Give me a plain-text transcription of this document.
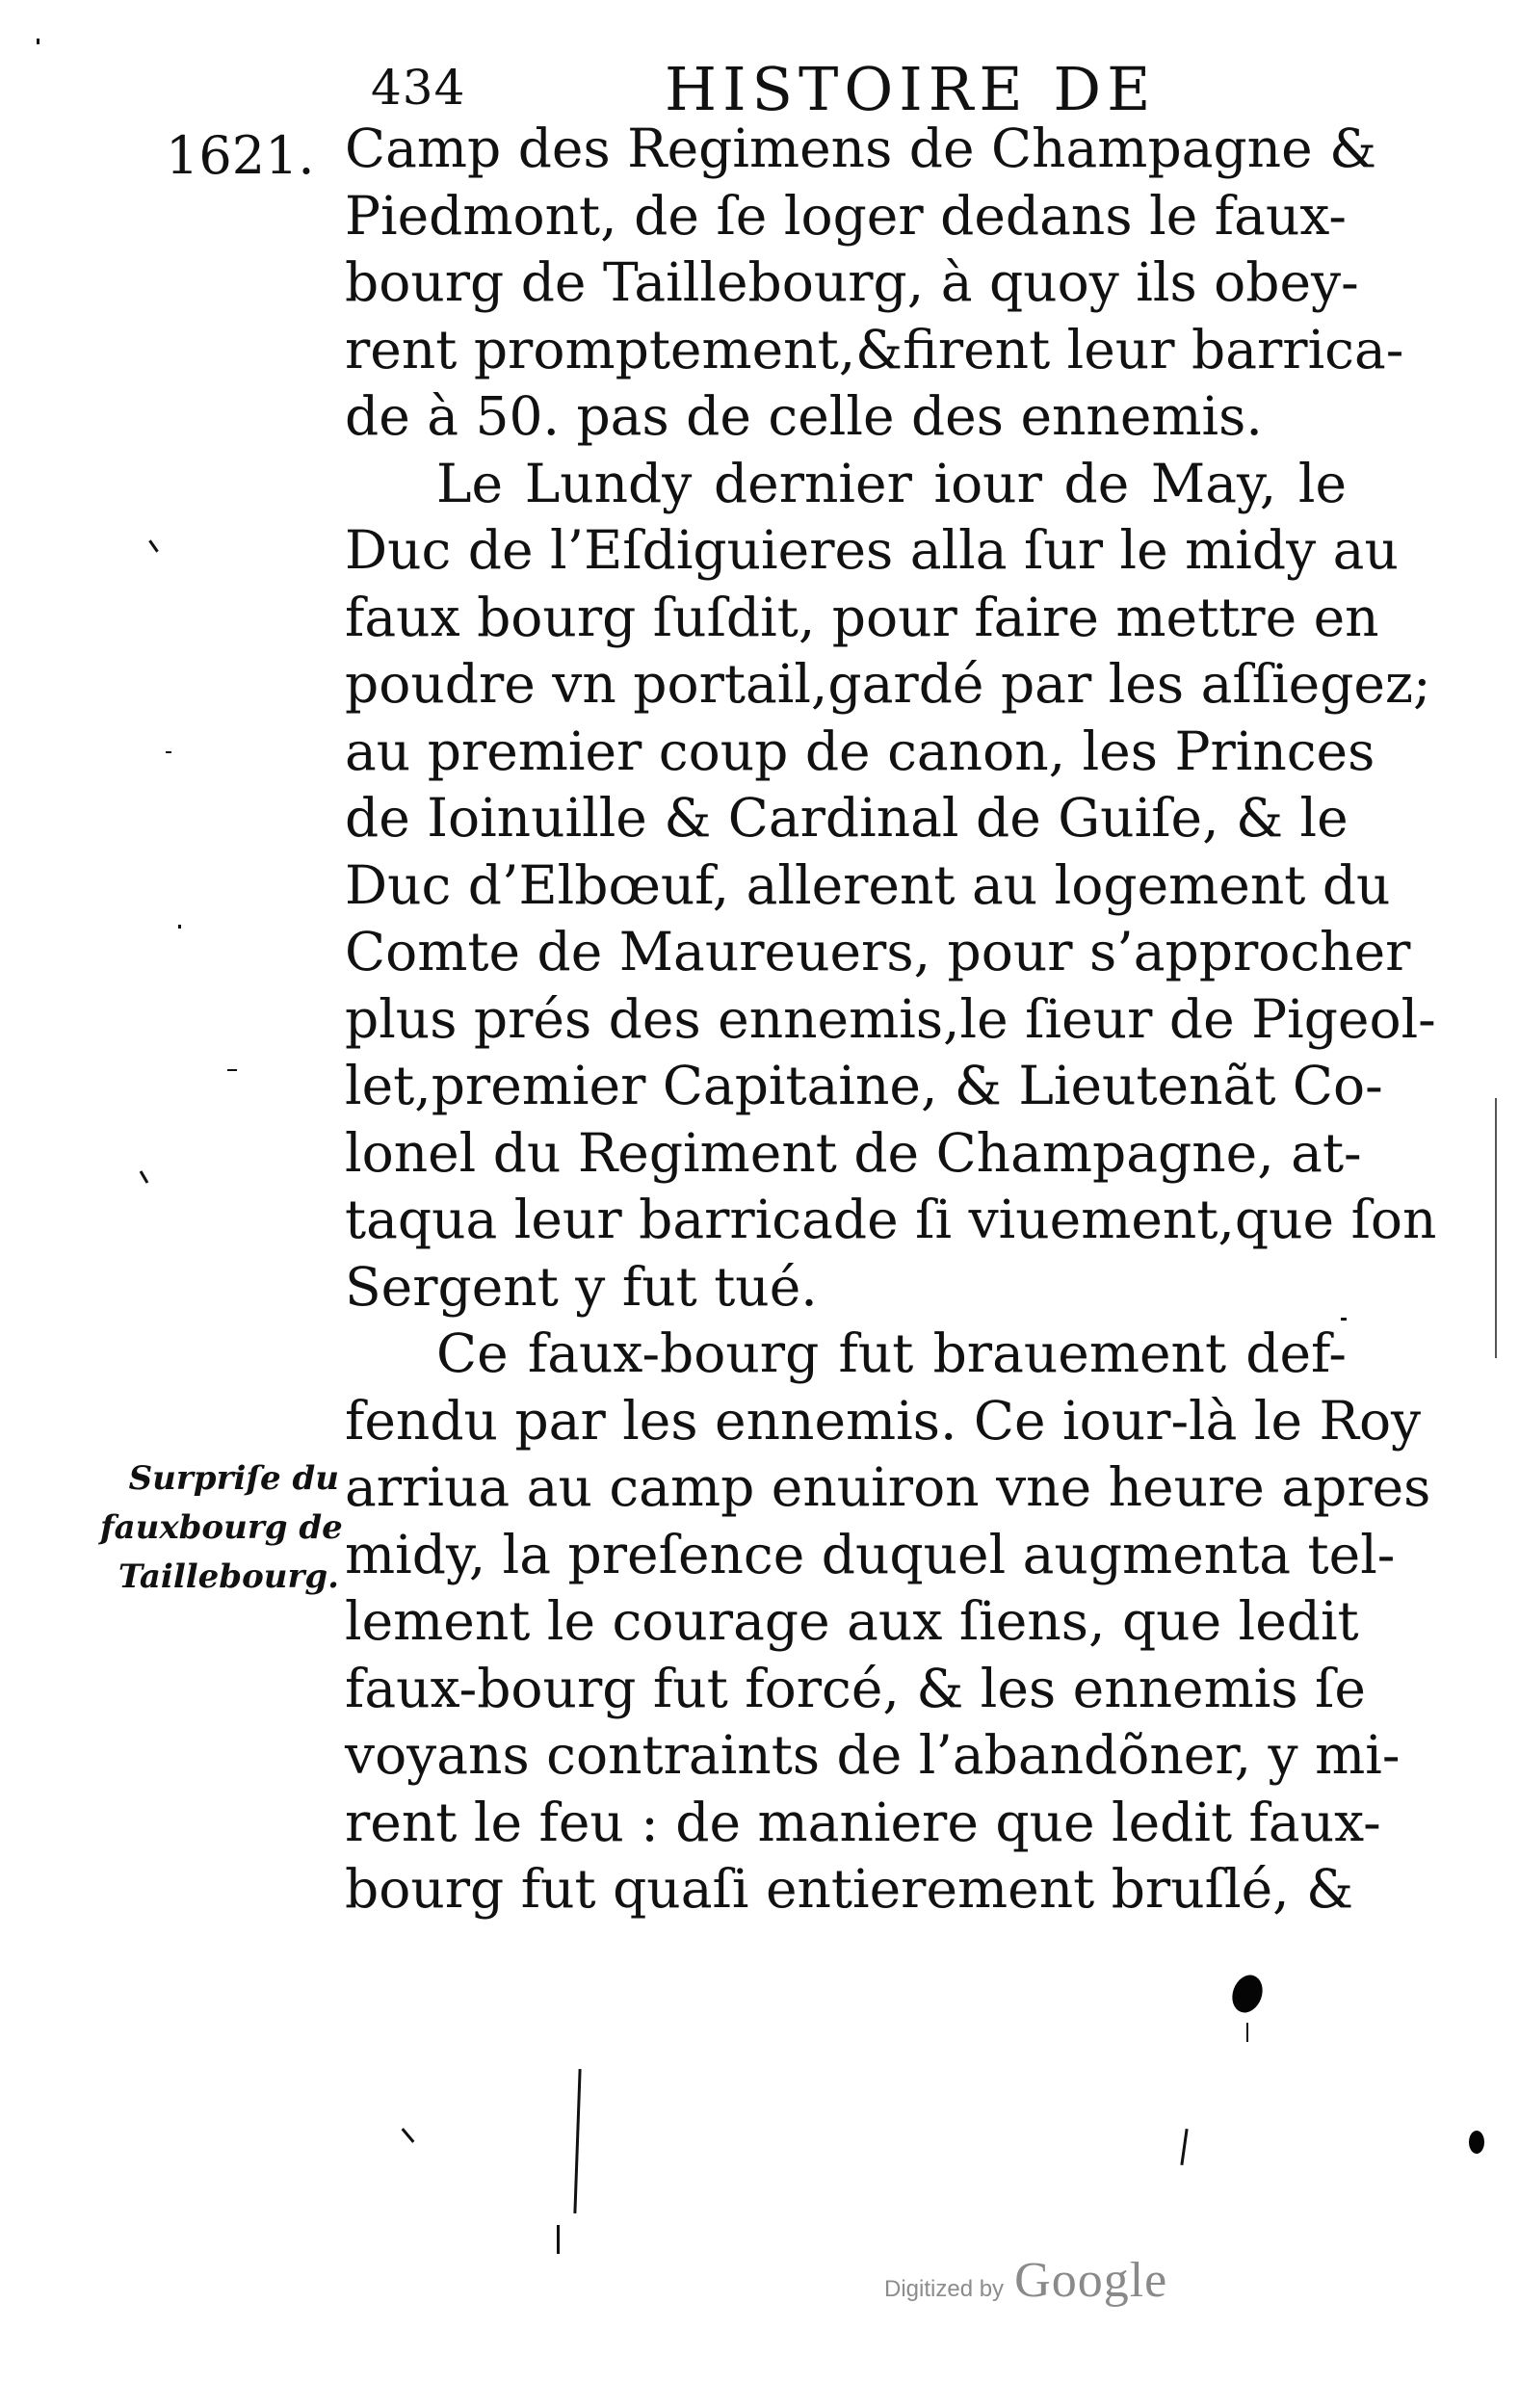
434	HISTOIRE DE
1621. Camp des Regimens de Champagne &
Piedmont, de ſe loger dedans le faux-
bourg de Taillebourg, à quoy ils obey-
rent promptement,&firent leur barrica-
de à 50. pas de celle des ennemis.
Le Lundy dernier iour de May, le
Duc de l’Eſdiguieres alla ſur le midy au
faux bourg ſuſdit, pour faire mettre en
poudre vn portail,gardé par les aſſiegez;
au premier coup de canon, les Princes
de Ioinuille & Cardinal de Guiſe, & le
Duc d’Elbœuf, allerent au logement du
Comte de Maureuers, pour s’approcher
plus prés des ennemis,le ſieur de Pigeol-
let,premier Capitaine, & Lieutenãt Co-
lonel du Regiment de Champagne, at-
taqua leur barricade ſi viuement,que ſon
Sergent y fut tué.
Ce faux-bourg fut brauement def-
fendu par les ennemis. Ce iour-là le Roy
arriua au camp enuiron vne heure apres
midy, la preſence duquel augmenta tel-
lement le courage aux ſiens, que ledit
faux-bourg fut forcé, & les ennemis ſe
voyans contraints de l’abandõner, y mi-
rent le feu : de maniere que ledit faux-
bourg fut quaſi entierement bruſlé, &
Surpriſe du
fauxbourg de
Taillebourg.
Digitized by Google
